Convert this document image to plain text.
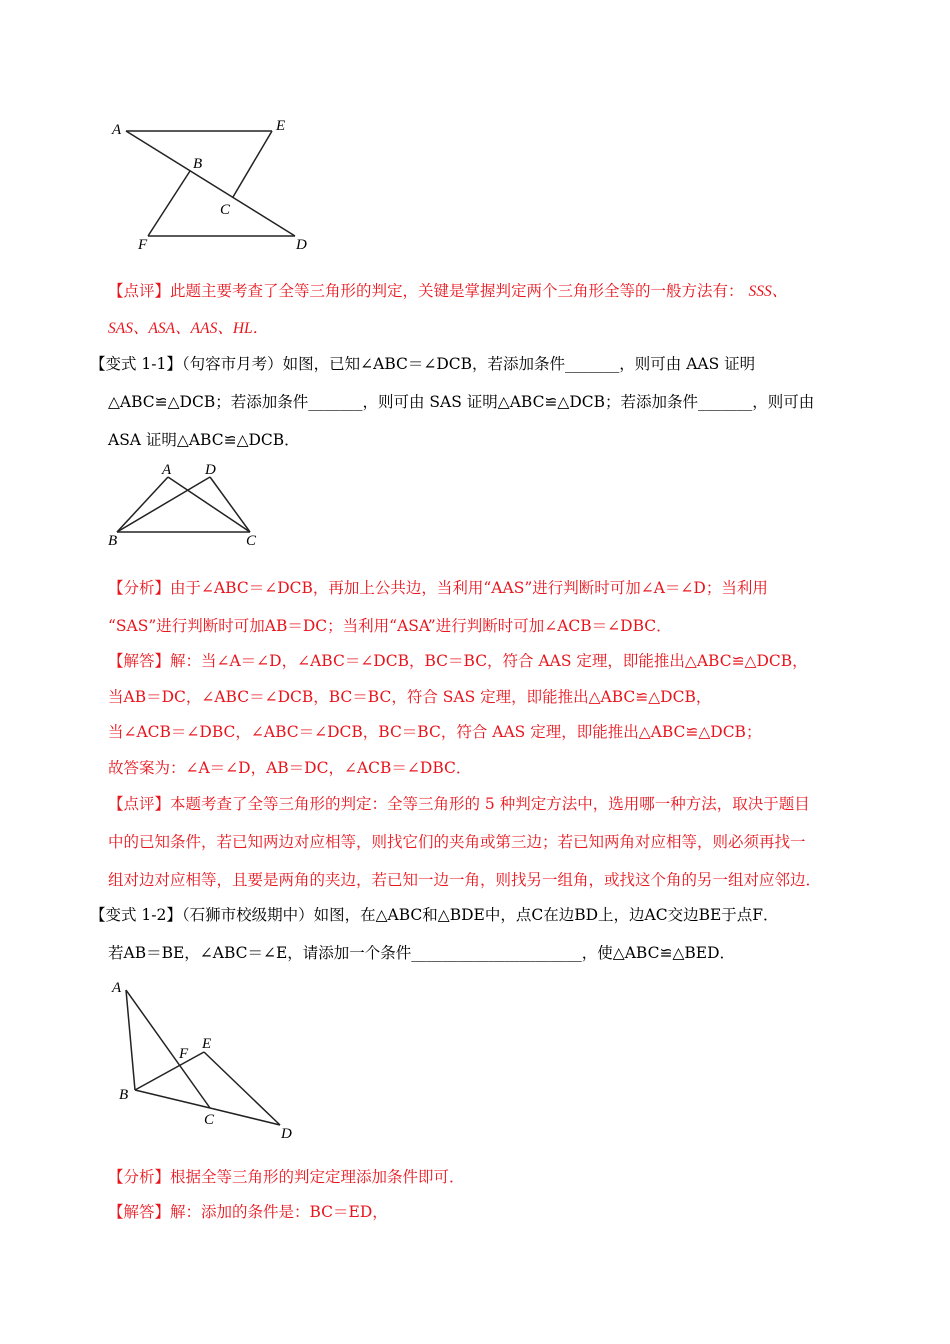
A	E
B
C
F	D
A D
B	C
A
E
F
B
C
D
【点评】此题主要考查了全等三角形的判定，关键是掌握判定两个三角形全等的一般方法有： SSS、
SAS、ASA、AAS、HL．
【变式 1-1】（句容市月考）如图，已知∠ABC＝∠DCB，若添加条件_______，则可由 AAS 证明
△ABC≌△DCB；若添加条件_______，则可由 SAS 证明△ABC≌△DCB；若添加条件_______，则可由
ASA 证明△ABC≌△DCB．
【分析】由于∠ABC＝∠DCB，再加上公共边，当利用“AAS”进行判断时可加∠A＝∠D；当利用
“SAS”进行判断时可加AB＝DC；当利用“ASA”进行判断时可加∠ACB＝∠DBC．
【解答】解：当∠A＝∠D，∠ABC＝∠DCB，BC＝BC，符合 AAS 定理，即能推出△ABC≌△DCB，
当AB＝DC，∠ABC＝∠DCB，BC＝BC，符合 SAS 定理，即能推出△ABC≌△DCB，
当∠ACB＝∠DBC，∠ABC＝∠DCB，BC＝BC，符合 AAS 定理，即能推出△ABC≌△DCB；
故答案为：∠A＝∠D，AB＝DC，∠ACB＝∠DBC．
【点评】本题考查了全等三角形的判定：全等三角形的 5 种判定方法中，选用哪一种方法，取决于题目
中的已知条件，若已知两边对应相等，则找它们的夹角或第三边；若已知两角对应相等，则必须再找一
组对边对应相等，且要是两角的夹边，若已知一边一角，则找另一组角，或找这个角的另一组对应邻边．
【变式 1-2】（石狮市校级期中）如图，在△ABC和△BDE中，点C在边BD上，边AC交边BE于点F．
若AB＝BE，∠ABC＝∠E，请添加一个条件______________________，使△ABC≌△BED．
【分析】根据全等三角形的判定定理添加条件即可．
【解答】解：添加的条件是：BC＝ED，
